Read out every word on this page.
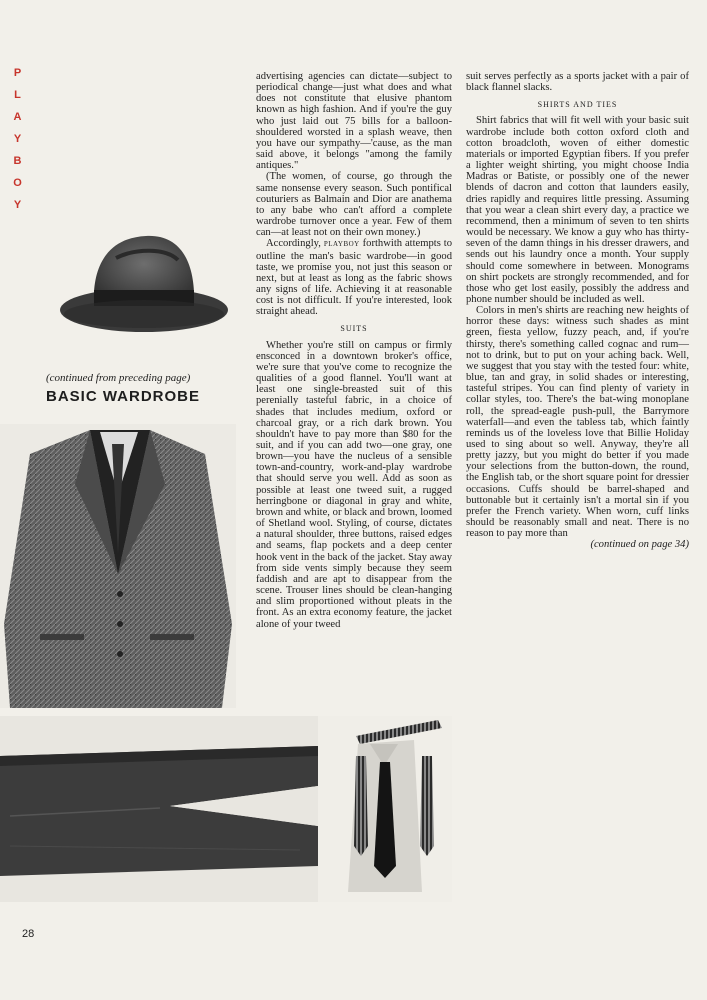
P
L
A
Y
B
O
Y
(continued from preceding page)
BASIC WARDROBE

advertising agencies can dictate—subject to periodical change—just what does and what does not constitute that elusive phantom known as high fashion. And if you're the guy who just laid out 75 bills for a balloon-shouldered worsted in a splash weave, then you have our sympathy—'cause, as the man said above, it belongs "among the family antiques."

(The women, of course, go through the same nonsense every season. Such pontifical couturiers as Balmain and Dior are anathema to any babe who can't afford a complete wardrobe turnover once a year. Few of them can—at least not on their own money.)

Accordingly, playboy forthwith attempts to outline the man's basic wardrobe—in good taste, we promise you, not just this season or next, but at least as long as the fabric shows any signs of life. Achieving it at reasonable cost is not difficult. If you're interested, look straight ahead.

SUITS

Whether you're still on campus or firmly ensconced in a downtown broker's office, we're sure that you've come to recognize the qualities of a good flannel. You'll want at least one single-breasted suit of this perenially tasteful fabric, in a choice of shades that includes medium, oxford or charcoal gray, or a rich dark brown. You shouldn't have to pay more than $80 for the suit, and if you can add two—one gray, one brown—you have the nucleus of a sensible town-and-country, work-and-play wardrobe that should serve you well. Add as soon as possible at least one tweed suit, a rugged herringbone or diagonal in gray and white, brown and white, or black and brown, loomed of Shetland wool. Styling, of course, dictates a natural shoulder, three buttons, raised edges and seams, flap pockets and a deep center hook vent in the back of the jacket. Stay away from side vents simply because they seem faddish and are apt to disappear from the scene. Trouser lines should be clean-hanging and slim proportioned without pleats in the front. As an extra economy feature, the jacket alone of your tweed

suit serves perfectly as a sports jacket with a pair of black flannel slacks.

SHIRTS AND TIES

Shirt fabrics that will fit well with your basic suit wardrobe include both cotton oxford cloth and cotton broadcloth, woven of either domestic materials or imported Egyptian fibers. If you prefer a lighter weight shirting, you might choose India Madras or Batiste, or possibly one of the newer blends of dacron and cotton that launders easily, dries rapidly and requires little pressing. Assuming that you wear a clean shirt every day, a practice we recommend, then a minimum of seven to ten shirts would be necessary. We know a guy who has thirty-seven of the damn things in his dresser drawers, and sends out his laundry once a month. Your supply should come somewhere in between. Monograms on shirt pockets are strongly recommended, and for those who get lost easily, possibly the address and phone number should be included as well.

Colors in men's shirts are reaching new heights of horror these days: witness such shades as mint green, fiesta yellow, fuzzy peach, and, if you're thirsty, there's something called cognac and rum—not to drink, but to put on your aching back. Well, we suggest that you stay with the tested four: white, blue, tan and gray, in solid shades or interesting, tasteful stripes. You can find plenty of variety in collar styles, too. There's the bat-wing monoplane roll, the spread-eagle push-pull, the Barrymore waterfall—and even the tabless tab, which faintly reminds us of the loveless love that Billie Holiday used to sing about so well. Anyway, they're all pretty jazzy, but you might do better if you made your selections from the button-down, the round, the English tab, or the short square point for dressier occasions. Cuffs should be barrel-shaped and buttonable but it certainly isn't a mortal sin if you prefer the French variety. When worn, cuff links should be reasonably small and neat. There is no reason to pay more than

(continued on page 34)

28
